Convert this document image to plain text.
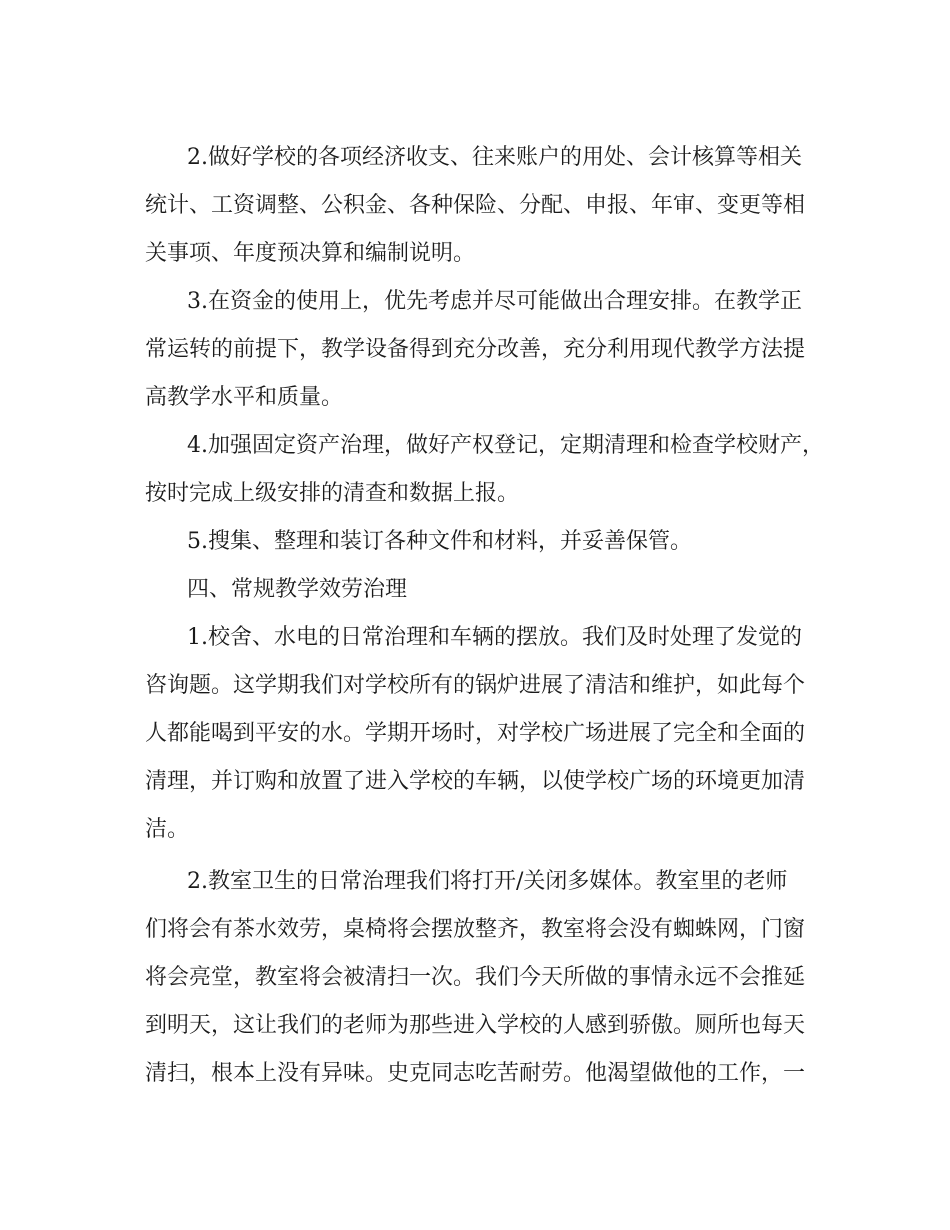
2.做好学校的各项经济收支、往来账户的用处、会计核算等相关
统计、工资调整、公积金、各种保险、分配、申报、年审、变更等相
关事项、年度预决算和编制说明。
3.在资金的使用上，优先考虑并尽可能做出合理安排。在教学正
常运转的前提下，教学设备得到充分改善，充分利用现代教学方法提
高教学水平和质量。
4.加强固定资产治理，做好产权登记，定期清理和检查学校财产，
按时完成上级安排的清查和数据上报。
5.搜集、整理和装订各种文件和材料，并妥善保管。
四、常规教学效劳治理
1.校舍、水电的日常治理和车辆的摆放。我们及时处理了发觉的
咨询题。这学期我们对学校所有的锅炉进展了清洁和维护，如此每个
人都能喝到平安的水。学期开场时，对学校广场进展了完全和全面的
清理，并订购和放置了进入学校的车辆，以使学校广场的环境更加清
洁。
2.教室卫生的日常治理我们将打开/关闭多媒体。教室里的老师
们将会有茶水效劳，桌椅将会摆放整齐，教室将会没有蜘蛛网，门窗
将会亮堂，教室将会被清扫一次。我们今天所做的事情永远不会推延
到明天，这让我们的老师为那些进入学校的人感到骄傲。厕所也每天
清扫，根本上没有异味。史克同志吃苦耐劳。他渴望做他的工作，一
